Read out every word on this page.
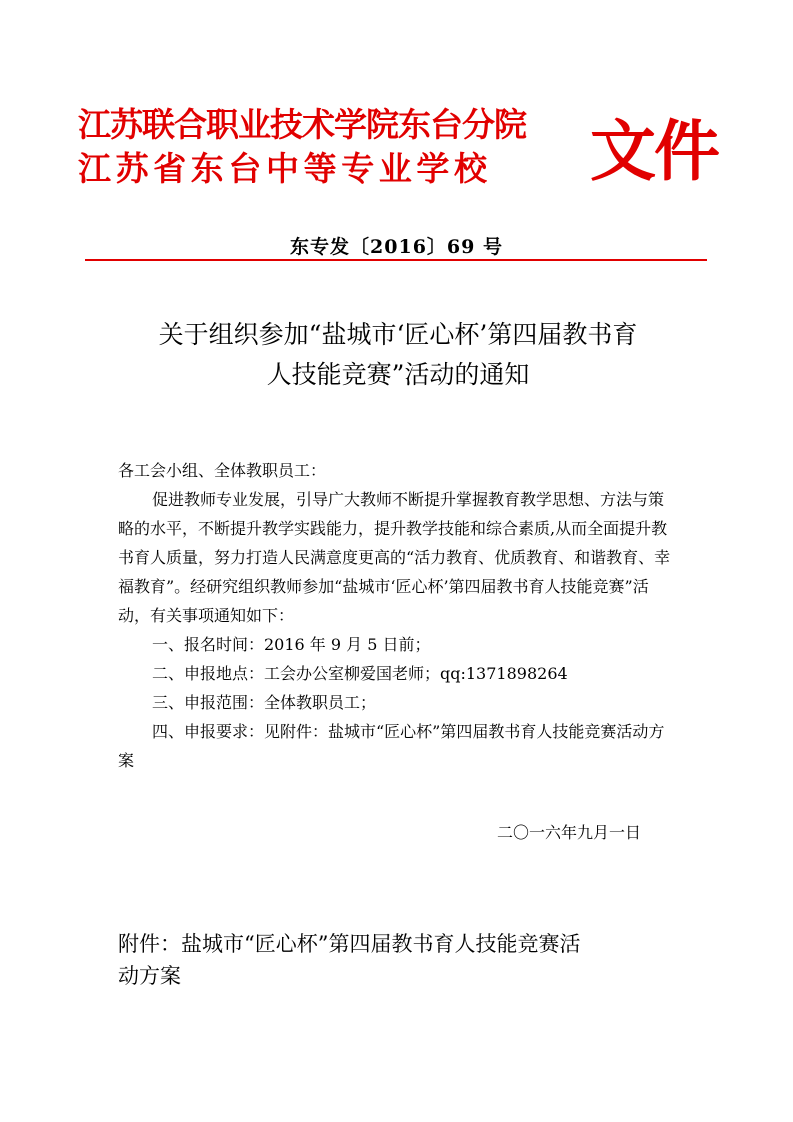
江苏联合职业技术学院东台分院
江苏省东台中等专业学校	文件
东专发〔2016〕69 号
关于组织参加“盐城市‘匠心杯’第四届教书育
人技能竞赛”活动的通知

各工会小组、全体教职员工：

促进教师专业发展，引导广大教师不断提升掌握教育教学思想、方法与策略的水平，不断提升教学实践能力，提升教学技能和综合素质,从而全面提升教书育人质量，努力打造人民满意度更高的“活力教育、优质教育、和谐教育、幸福教育”。经研究组织教师参加“盐城市‘匠心杯’第四届教书育人技能竞赛”活动，有关事项通知如下：

一、报名时间：2016 年 9 月 5 日前；

二、申报地点：工会办公室柳爱国老师；qq:1371898264

三、申报范围：全体教职员工；

四、申报要求：见附件：盐城市“匠心杯”第四届教书育人技能竞赛活动方案

二〇一六年九月一日
附件：盐城市“匠心杯”第四届教书育人技能竞赛活
动方案
